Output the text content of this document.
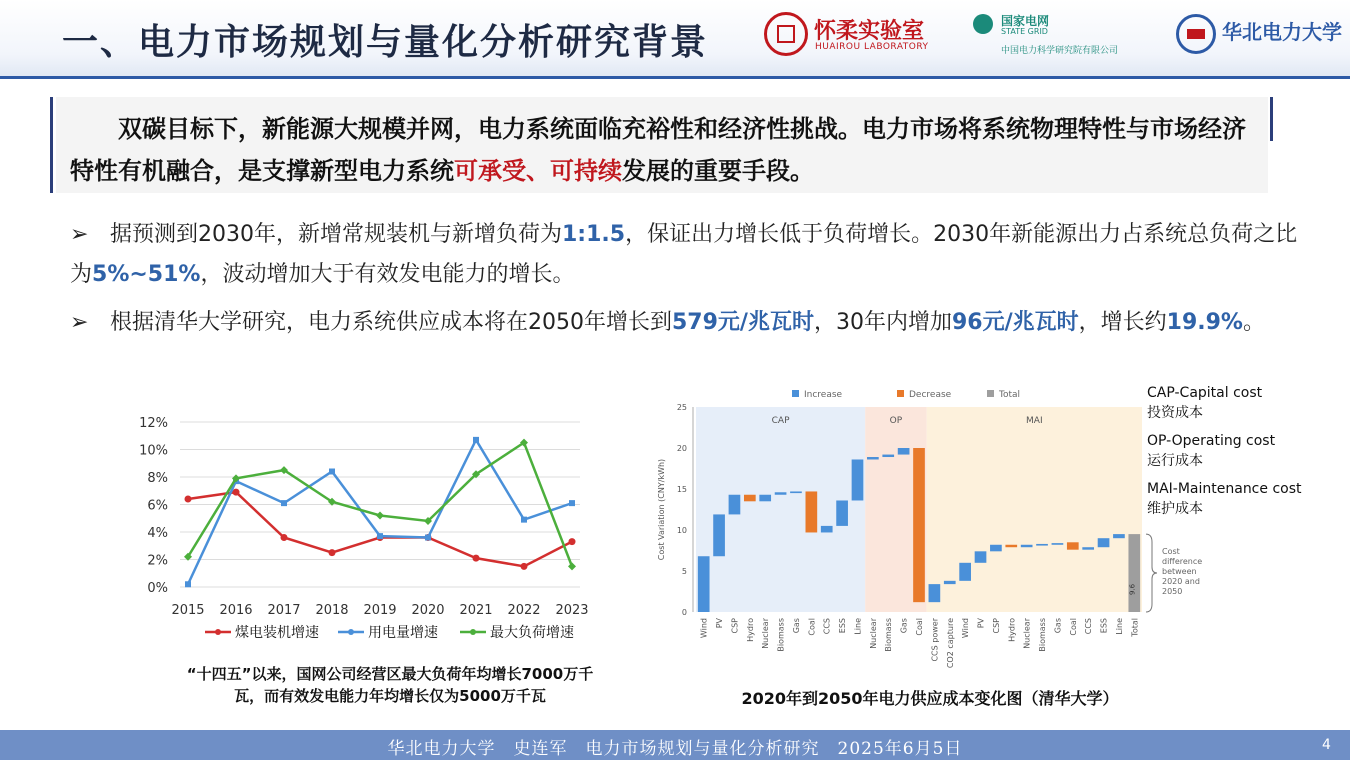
一、电力市场规划与量化分析研究背景	怀柔实验室
HUAIROU LABORATORY
国家电网
STATE GRID
中国电力科学研究院有限公司
华北电力大学
双碳目标下，新能源大规模并网，电力系统面临充裕性和经济性挑战。电力市场将系统物理特性与市场经济特性有机融合，是支撑新型电力系统可承受、可持续发展的重要手段。
➢ 据预测到2030年，新增常规装机与新增负荷为1:1.5，保证出力增长低于负荷增长。2030年新能源出力占系统总负荷之比为5%~51%，波动增加大于有效发电能力的增长。
➢ 根据清华大学研究，电力系统供应成本将在2050年增长到579元/兆瓦时，30年内增加96元/兆瓦时，增长约19.9%。
0%
2%
4%
6%
8%
10%
12%
2015 2016 2017 2018 2019 2020 2021 2022 2023
煤电装机增速	用电量增速	最大负荷增速
“十四五”以来，国网公司经营区最大负荷年均增长7000万千
瓦，而有效发电能力年均增长仅为5000万千瓦
CAP	OP	MAI
Increase	Decrease	Total
0
5
10
15
20
25
Cost Variation (CNY/kWh)
9.6
Wind PV CSP Hydro Nuclear Biomass Gas Coal CCS ESS Line Nuclear Biomass Gas Coal CCS power CO2 capture Wind PV CSP Hydro Nuclear Biomass Gas Coal CCS ESS Line Total
Cost
difference
between
2020 and
2050
2020年到2050年电力供应成本变化图（清华大学）
CAP-Capital cost
投资成本
OP-Operating cost
运行成本
MAI-Maintenance cost
维护成本
华北电力大学　史连军　电力市场规划与量化分析研究　2025年6月5日	4
